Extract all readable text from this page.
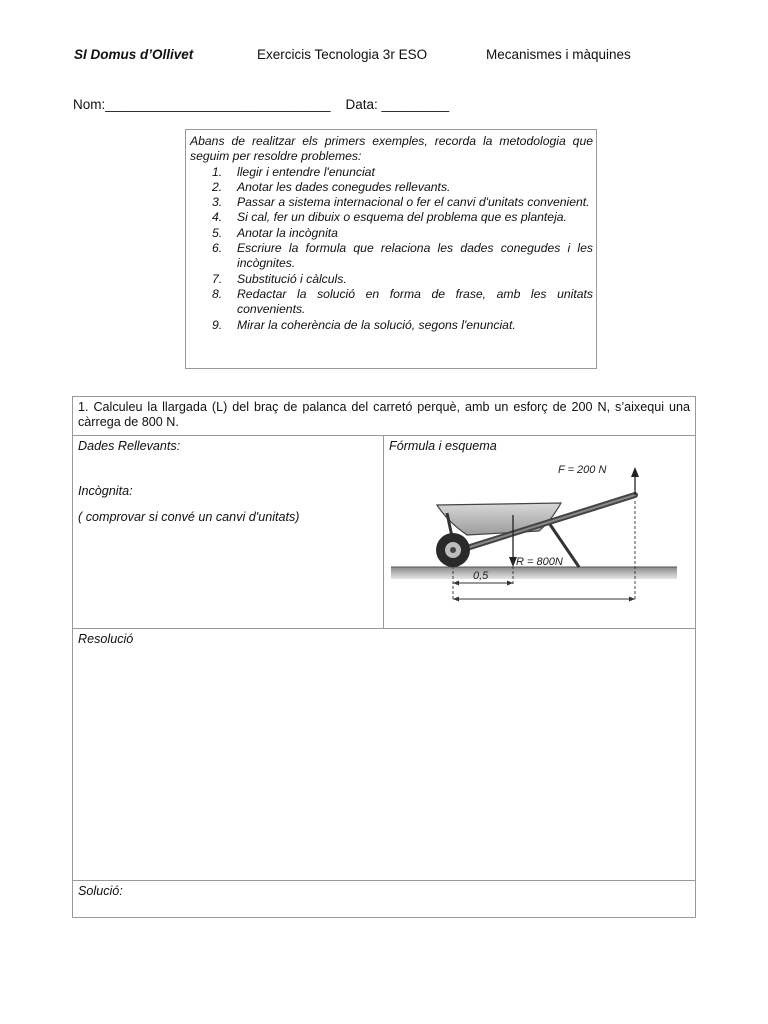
SI Domus d’Ollivet	Exercicis Tecnologia 3r ESO	Mecanismes i màquines
Nom:______________________________    Data: _________
Abans de realitzar els primers exemples, recorda la metodologia que seguim per resoldre problemes:
1.	llegir i entendre l'enunciat
2.	Anotar les dades conegudes rellevants.
3.	Passar a sistema internacional o fer el canvi d'unitats convenient.
4.	Si cal, fer un dibuix o esquema del problema que es planteja.
5.	Anotar la incògnita
6.	Escriure la formula que relaciona les dades conegudes i les incògnites.
7.	Substitució i càlculs.
8.	Redactar la solució en forma de frase, amb les unitats convenients.
9.	Mirar la coherència de la solució, segons l'enunciat.
1. Calculeu la llargada (L) del braç de palanca del carretó perquè, amb un esforç de 200 N, s’aixequi una càrrega de 800 N.

Dades Rellevants:
Incògnita:
( comprovar si convé un canvi d'unitats)

Fórmula i esquema
R = 800N
F = 200 N
0,5

Resolució

Solució:
